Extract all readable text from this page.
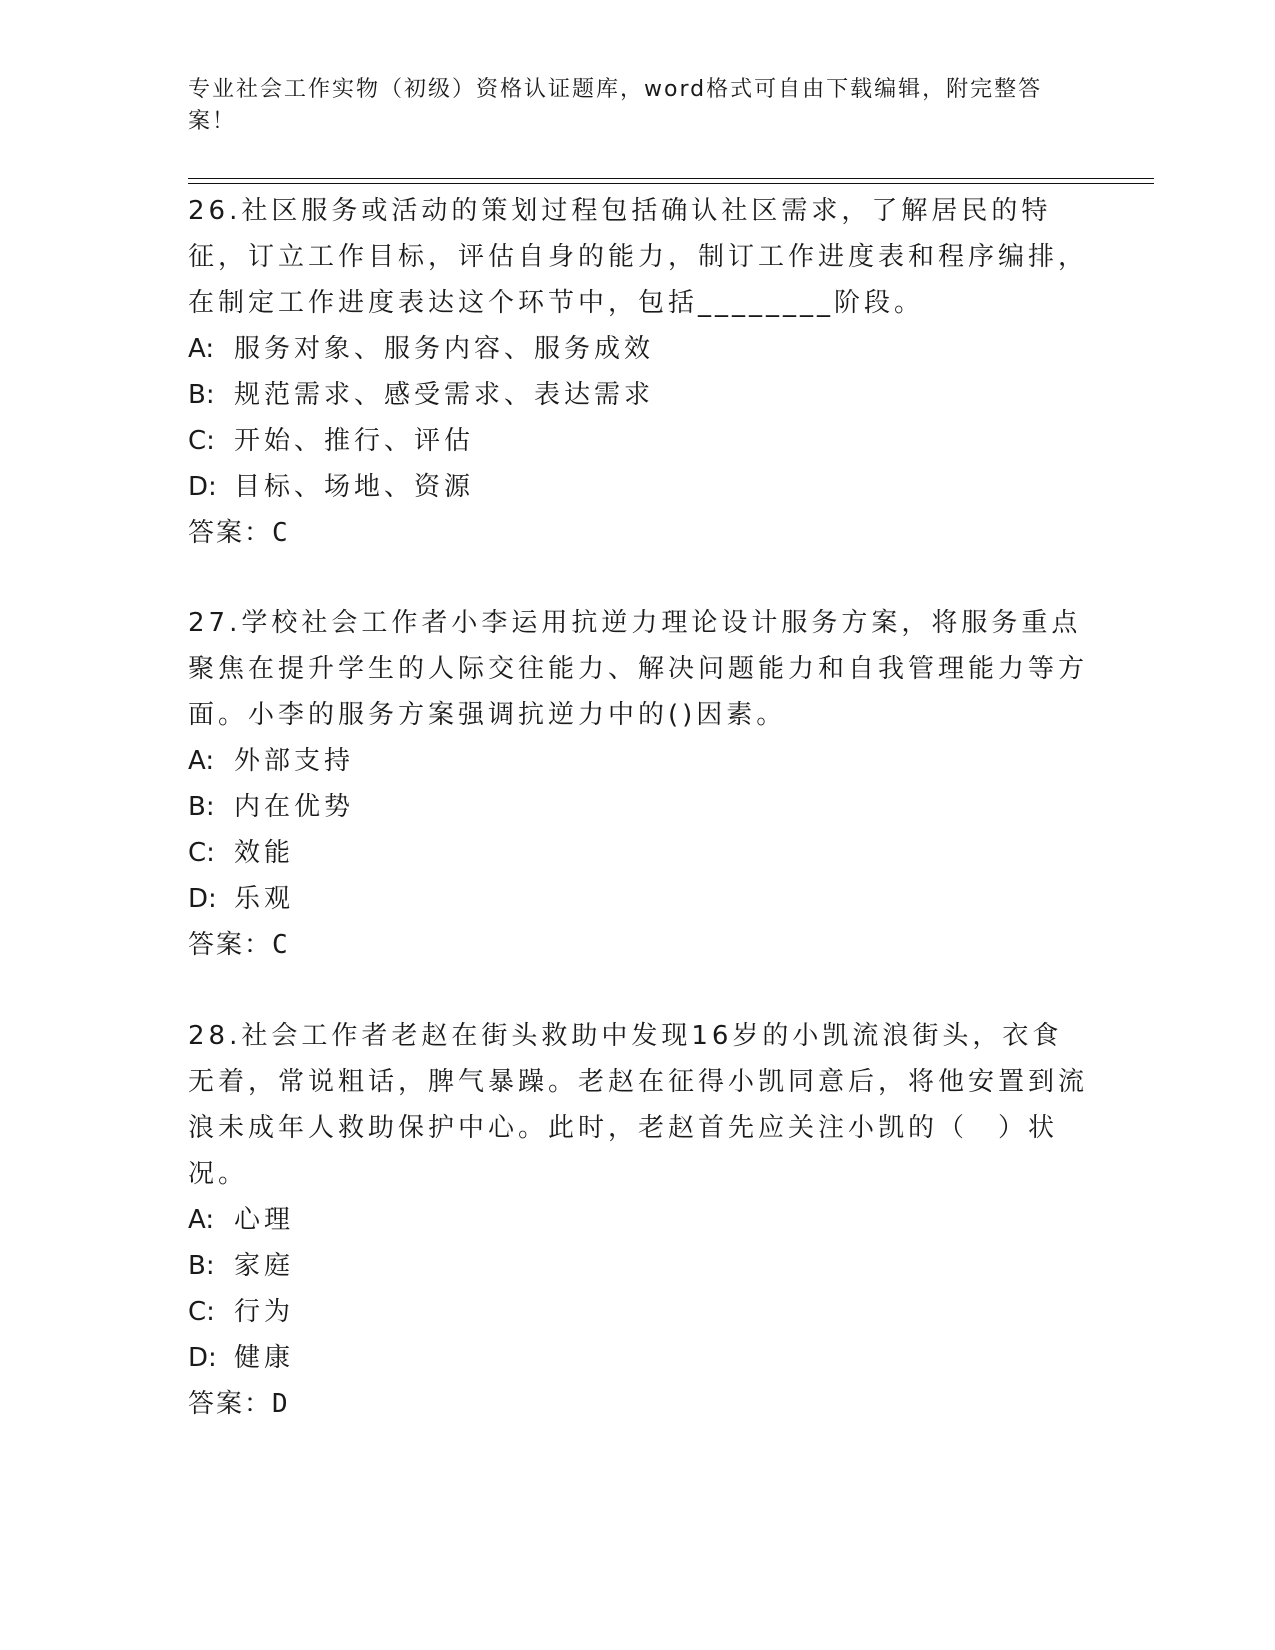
专业社会工作实物（初级）资格认证题库，word格式可自由下载编辑，附完整答案！

26.社区服务或活动的策划过程包括确认社区需求，了解居民的特征，订立工作目标，评估自身的能力，制订工作进度表和程序编排，在制定工作进度表达这个环节中，包括________阶段。

A: 服务对象、服务内容、服务成效

B: 规范需求、感受需求、表达需求

C: 开始、推行、评估

D: 目标、场地、资源

答案：C

27.学校社会工作者小李运用抗逆力理论设计服务方案，将服务重点聚焦在提升学生的人际交往能力、解决问题能力和自我管理能力等方面。小李的服务方案强调抗逆力中的()因素。

A: 外部支持

B: 内在优势

C: 效能

D: 乐观

答案：C

28.社会工作者老赵在街头救助中发现16岁的小凯流浪街头，衣食无着，常说粗话，脾气暴躁。老赵在征得小凯同意后，将他安置到流浪未成年人救助保护中心。此时，老赵首先应关注小凯的（　）状况。

A: 心理

B: 家庭

C: 行为

D: 健康

答案：D
